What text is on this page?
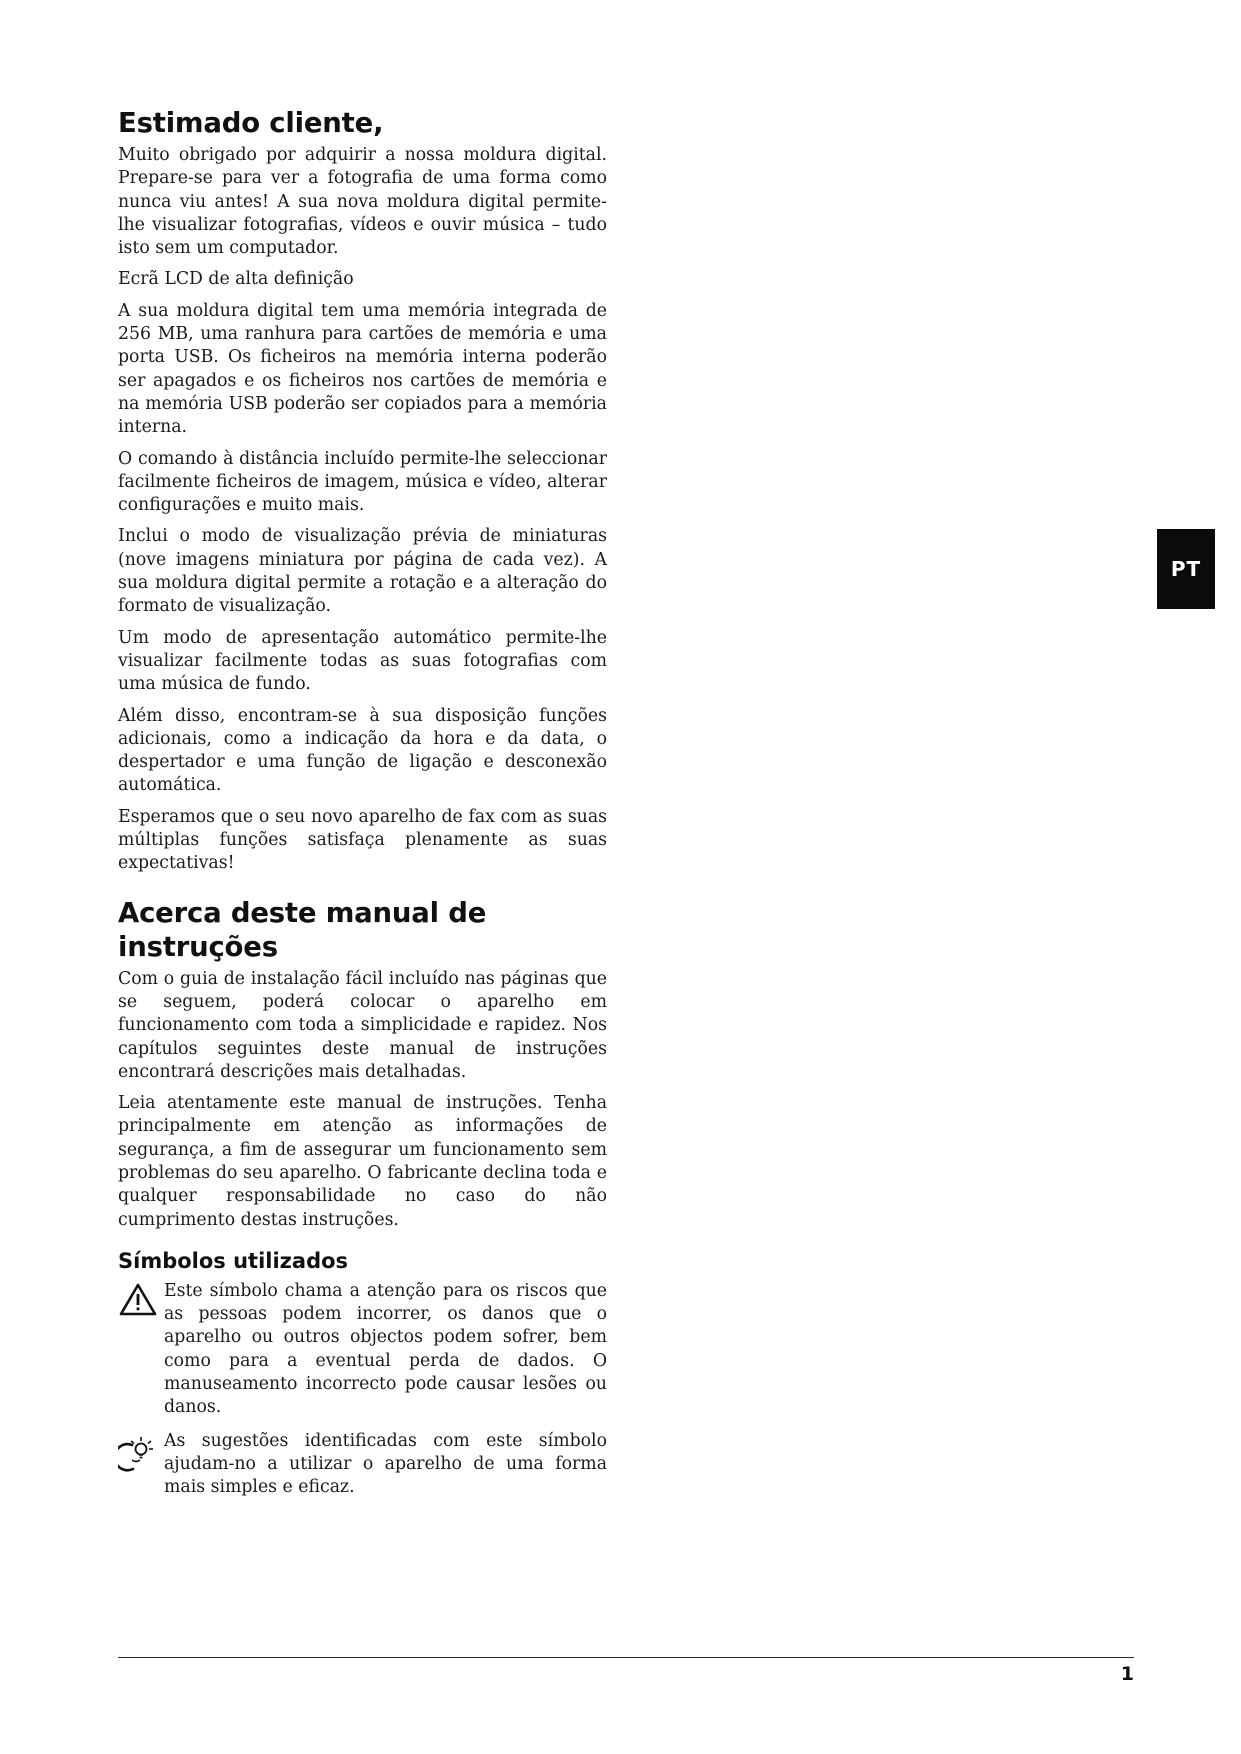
Estimado cliente,

Muito obrigado por adquirir a nossa moldura digital. Prepare-se para ver a fotografia de uma forma como nunca viu antes! A sua nova moldura digital permite-lhe visualizar fotografias, vídeos e ouvir música – tudo isto sem um computador.

Ecrã LCD de alta definição

A sua moldura digital tem uma memória integrada de 256 MB, uma ranhura para cartões de memória e uma porta USB. Os ficheiros na memória interna poderão ser apagados e os ficheiros nos cartões de memória e na memória USB poderão ser copiados para a memória interna.

O comando à distância incluído permite-lhe seleccionar facilmente ficheiros de imagem, música e vídeo, alterar configurações e muito mais.

Inclui o modo de visualização prévia de miniaturas (nove imagens miniatura por página de cada vez). A sua moldura digital permite a rotação e a alteração do formato de visualização.

Um modo de apresentação automático permite-lhe visualizar facilmente todas as suas fotografias com uma música de fundo.

Além disso, encontram-se à sua disposição funções adicionais, como a indicação da hora e da data, o despertador e uma função de ligação e desconexão automática.

Esperamos que o seu novo aparelho de fax com as suas múltiplas funções satisfaça plenamente as suas expectativas!

Acerca deste manual de instruções

Com o guia de instalação fácil incluído nas páginas que se seguem, poderá colocar o aparelho em funcionamento com toda a simplicidade e rapidez. Nos capítulos seguintes deste manual de instruções encontrará descrições mais detalhadas.

Leia atentamente este manual de instruções. Tenha principalmente em atenção as informações de segurança, a fim de assegurar um funcionamento sem problemas do seu aparelho. O fabricante declina toda e qualquer responsabilidade no caso do não cumprimento destas instruções.

Símbolos utilizados

Este símbolo chama a atenção para os riscos que as pessoas podem incorrer, os danos que o aparelho ou outros objectos podem sofrer, bem como para a eventual perda de dados. O manuseamento incorrecto pode causar lesões ou danos.

As sugestões identificadas com este símbolo ajudam-no a utilizar o aparelho de uma forma mais simples e eficaz.

PT
1
